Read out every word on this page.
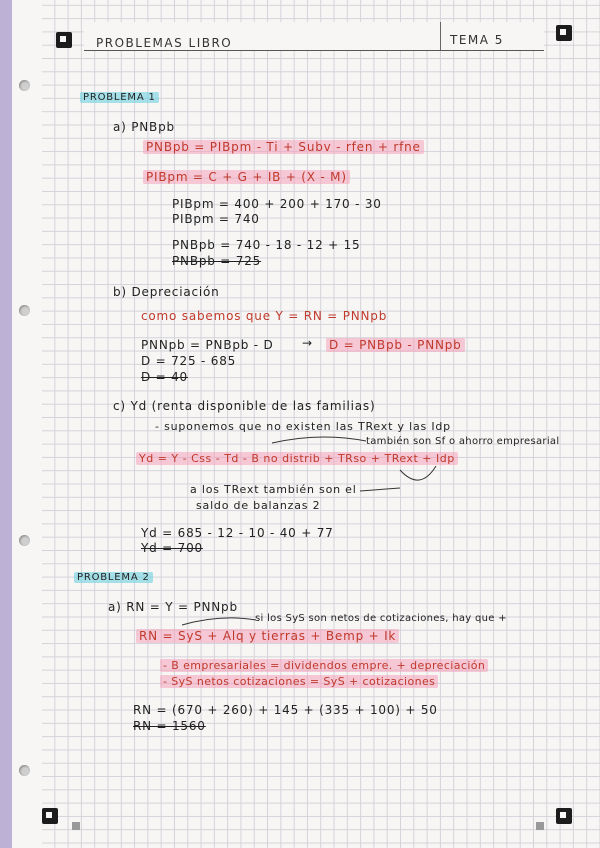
PROBLEMAS LIBRO	TEMA 5
PROBLEMA 1
a) PNBpb
PNBpb = PIBpm - Ti + Subv - rfen + rfne
PIBpm = C + G + IB + (X - M)
PIBpm = 400 + 200 + 170 - 30
PIBpm = 740
PNBpb = 740 - 18 - 12 + 15
PNBpb = 725
b) Depreciación
como sabemos que Y = RN = PNNpb
PNNpb = PNBpb - D → D = PNBpb - PNNpb
D = 725 - 685
D = 40
c) Yd (renta disponible de las familias)
- suponemos que no existen las TRext y las Idp
también son Sf o ahorro empresarial
Yd = Y - Css - Td - B no distrib + TRso + TRext + Idp
a los TRext también son el
saldo de balanzas 2
Yd = 685 - 12 - 10 - 40 + 77
Yd = 700
PROBLEMA 2
a) RN = Y = PNNpb
si los SyS son netos de cotizaciones, hay que +
RN = SyS + Alq y tierras + Bemp + Ik
- B empresariales = dividendos empre. + depreciación
- SyS netos cotizaciones = SyS + cotizaciones
RN = (670 + 260) + 145 + (335 + 100) + 50
RN = 1560
